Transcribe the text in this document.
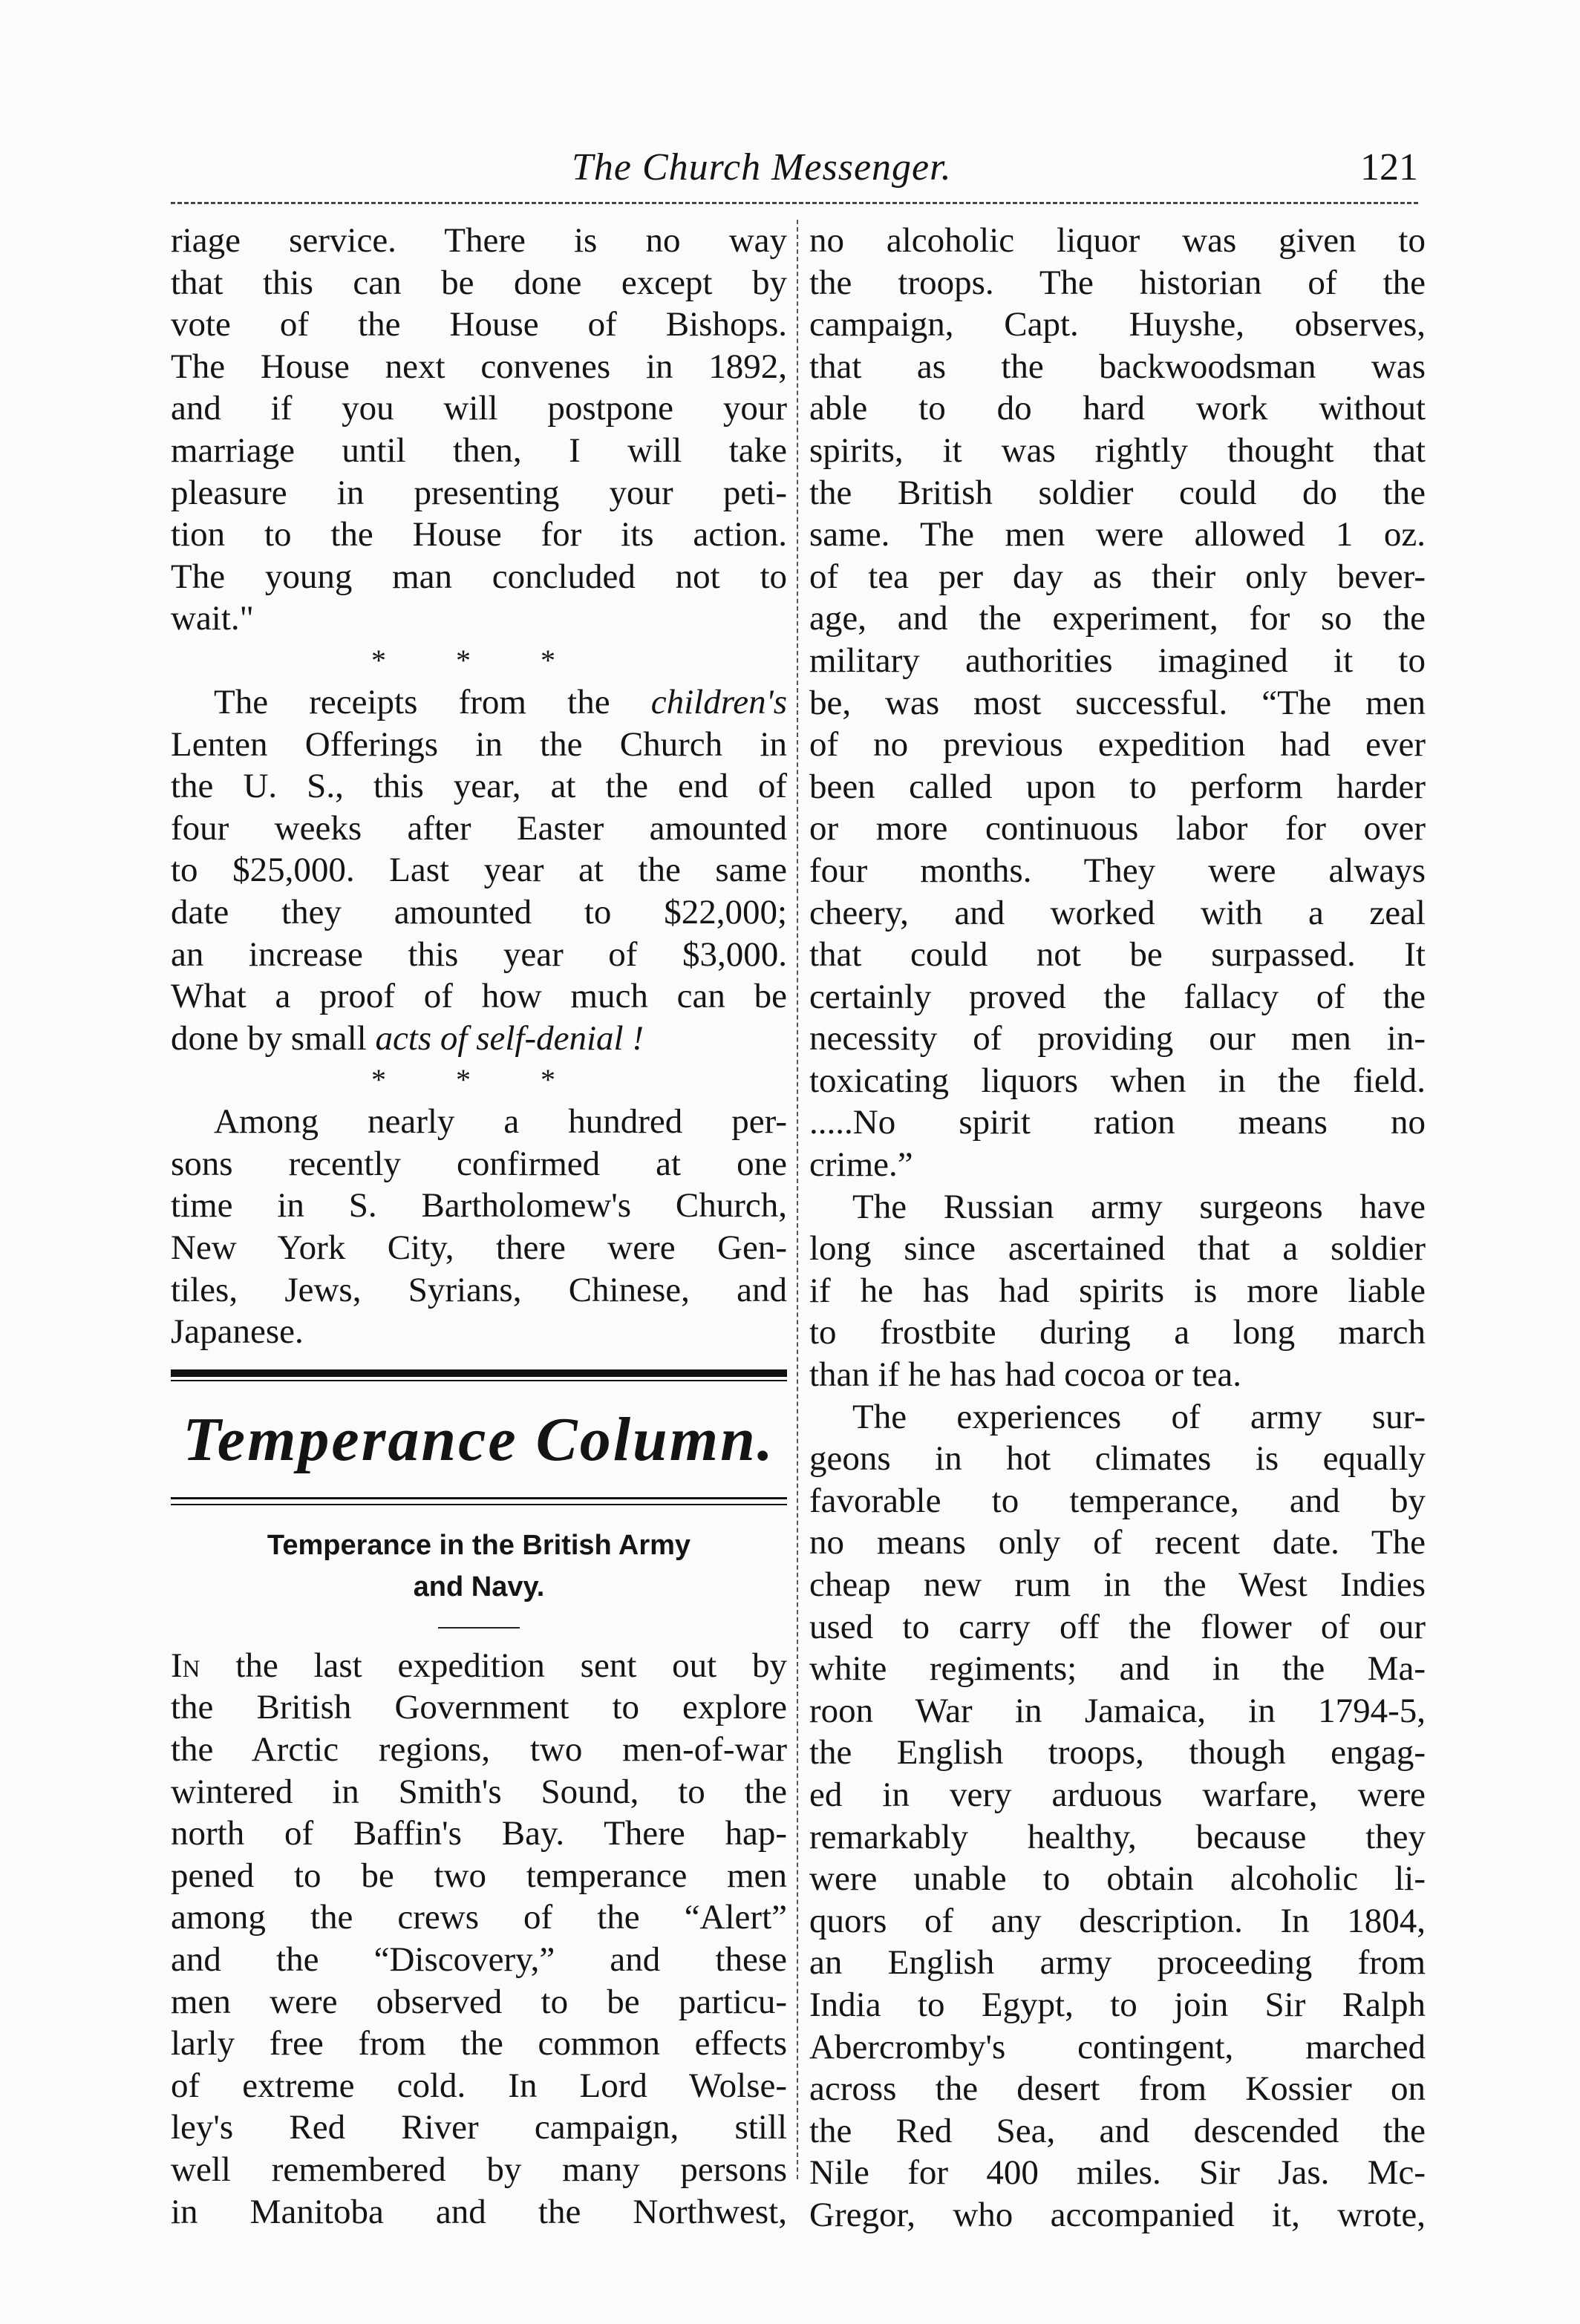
The Church Messenger.	121

riage service. There is no way
that this can be done except by
vote of the House of Bishops.
The House next convenes in 1892,
and if you will postpone your
marriage until then, I will take
pleasure in presenting your peti-
tion to the House for its action.
The young man concluded not to
wait."

* * *

The receipts from the children's

Lenten Offerings in the Church in
the U. S., this year, at the end of
four weeks after Easter amounted
to $25,000. Last year at the same
date they amounted to $22,000;
an increase this year of $3,000.
What a proof of how much can be
done by small acts of self-denial !

* * *

Among nearly a hundred per-
sons recently confirmed at one
time in S. Bartholomew's Church,
New York City, there were Gen-
tiles, Jews, Syrians, Chinese, and
Japanese.

Temperance Column.
Temperance in the British Army
and Navy.

In the last expedition sent out by
the British Government to explore
the Arctic regions, two men-of-war
wintered in Smith's Sound, to the
north of Baffin's Bay. There hap-
pened to be two temperance men
among the crews of the “Alert”
and the “Discovery,” and these
men were observed to be particu-
larly free from the common effects
of extreme cold. In Lord Wolse-
ley's Red River campaign, still
well remembered by many persons
in Manitoba and the Northwest,

no alcoholic liquor was given to
the troops. The historian of the
campaign, Capt. Huyshe, observes,
that as the backwoodsman was
able to do hard work without
spirits, it was rightly thought that
the British soldier could do the
same. The men were allowed 1 oz.
of tea per day as their only bever-
age, and the experiment, for so the
military authorities imagined it to
be, was most successful. “The men
of no previous expedition had ever
been called upon to perform harder
or more continuous labor for over
four months. They were always
cheery, and worked with a zeal
that could not be surpassed. It
certainly proved the fallacy of the
necessity of providing our men in-
toxicating liquors when in the field.
.....No spirit ration means no
crime.”

The Russian army surgeons have
long since ascertained that a soldier
if he has had spirits is more liable
to frostbite during a long march
than if he has had cocoa or tea.

The experiences of army sur-
geons in hot climates is equally
favorable to temperance, and by
no means only of recent date. The
cheap new rum in the West Indies
used to carry off the flower of our
white regiments; and in the Ma-
roon War in Jamaica, in 1794-5,
the English troops, though engag-
ed in very arduous warfare, were
remarkably healthy, because they
were unable to obtain alcoholic li-
quors of any description. In 1804,
an English army proceeding from
India to Egypt, to join Sir Ralph
Abercromby's contingent, marched
across the desert from Kossier on
the Red Sea, and descended the
Nile for 400 miles. Sir Jas. Mc-
Gregor, who accompanied it, wrote,
